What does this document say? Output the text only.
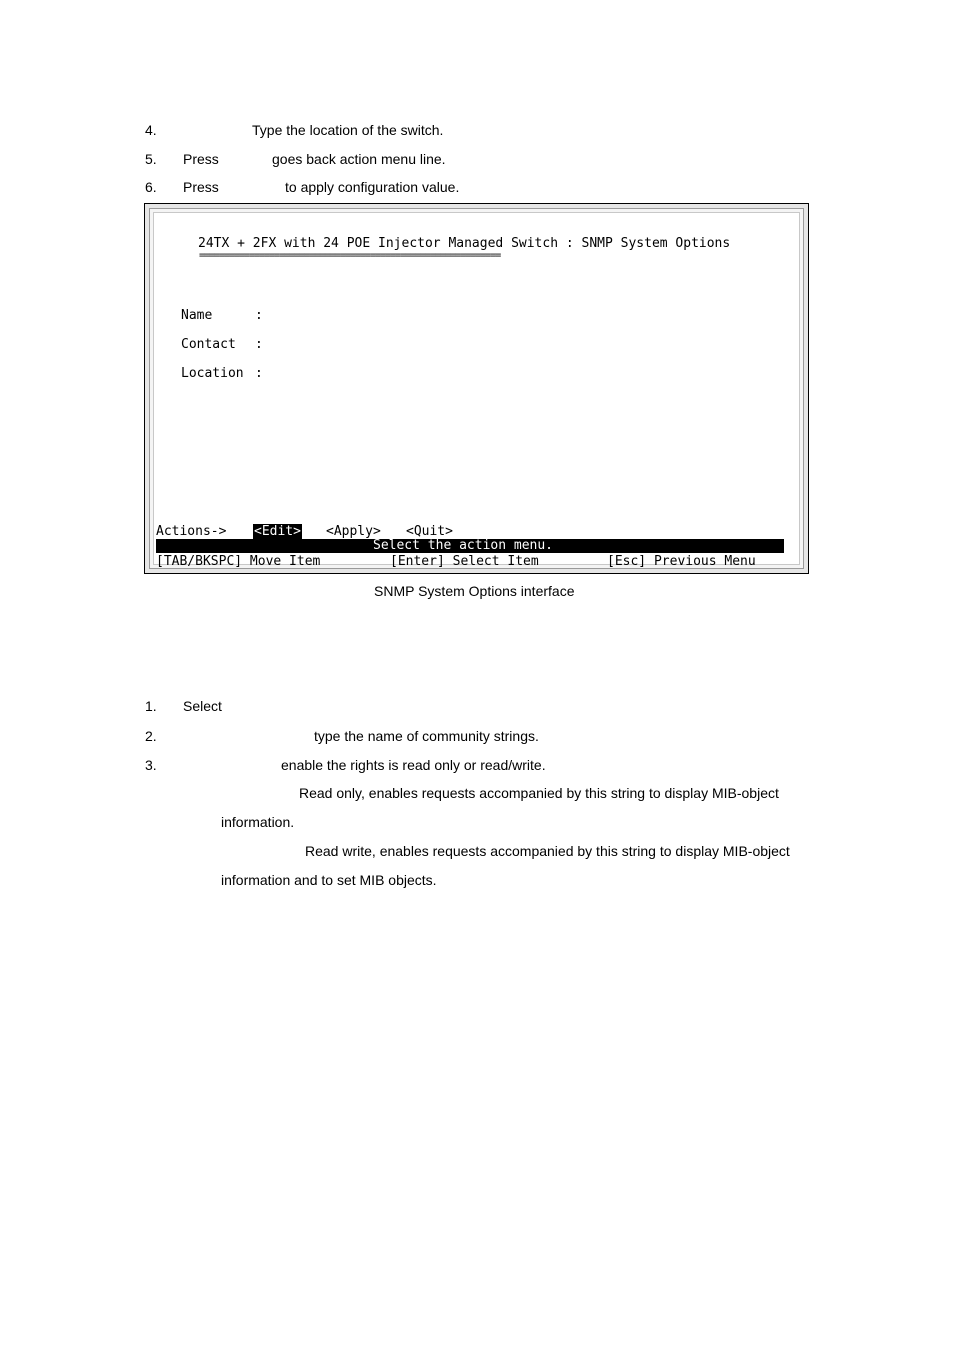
4.	Type the location of the switch.
5. Press	goes back action menu line.
6. Press	to apply configuration value.
24TX + 2FX with 24 POE Injector Managed Switch : SNMP System Options
============================================================
Name	:
Contact :
Location :
Actions-> <Edit> <Apply> <Quit>
Select the action menu.
[TAB/BKSPC] Move Item	[Enter] Select Item	[Esc] Previous Menu
SNMP System Options interface
1. Select
2.	type the name of community strings.
3.	enable the rights is read only or read/write.
Read only, enables requests accompanied by this string to display MIB-object
information.
Read write, enables requests accompanied by this string to display MIB-object
information and to set MIB objects.
